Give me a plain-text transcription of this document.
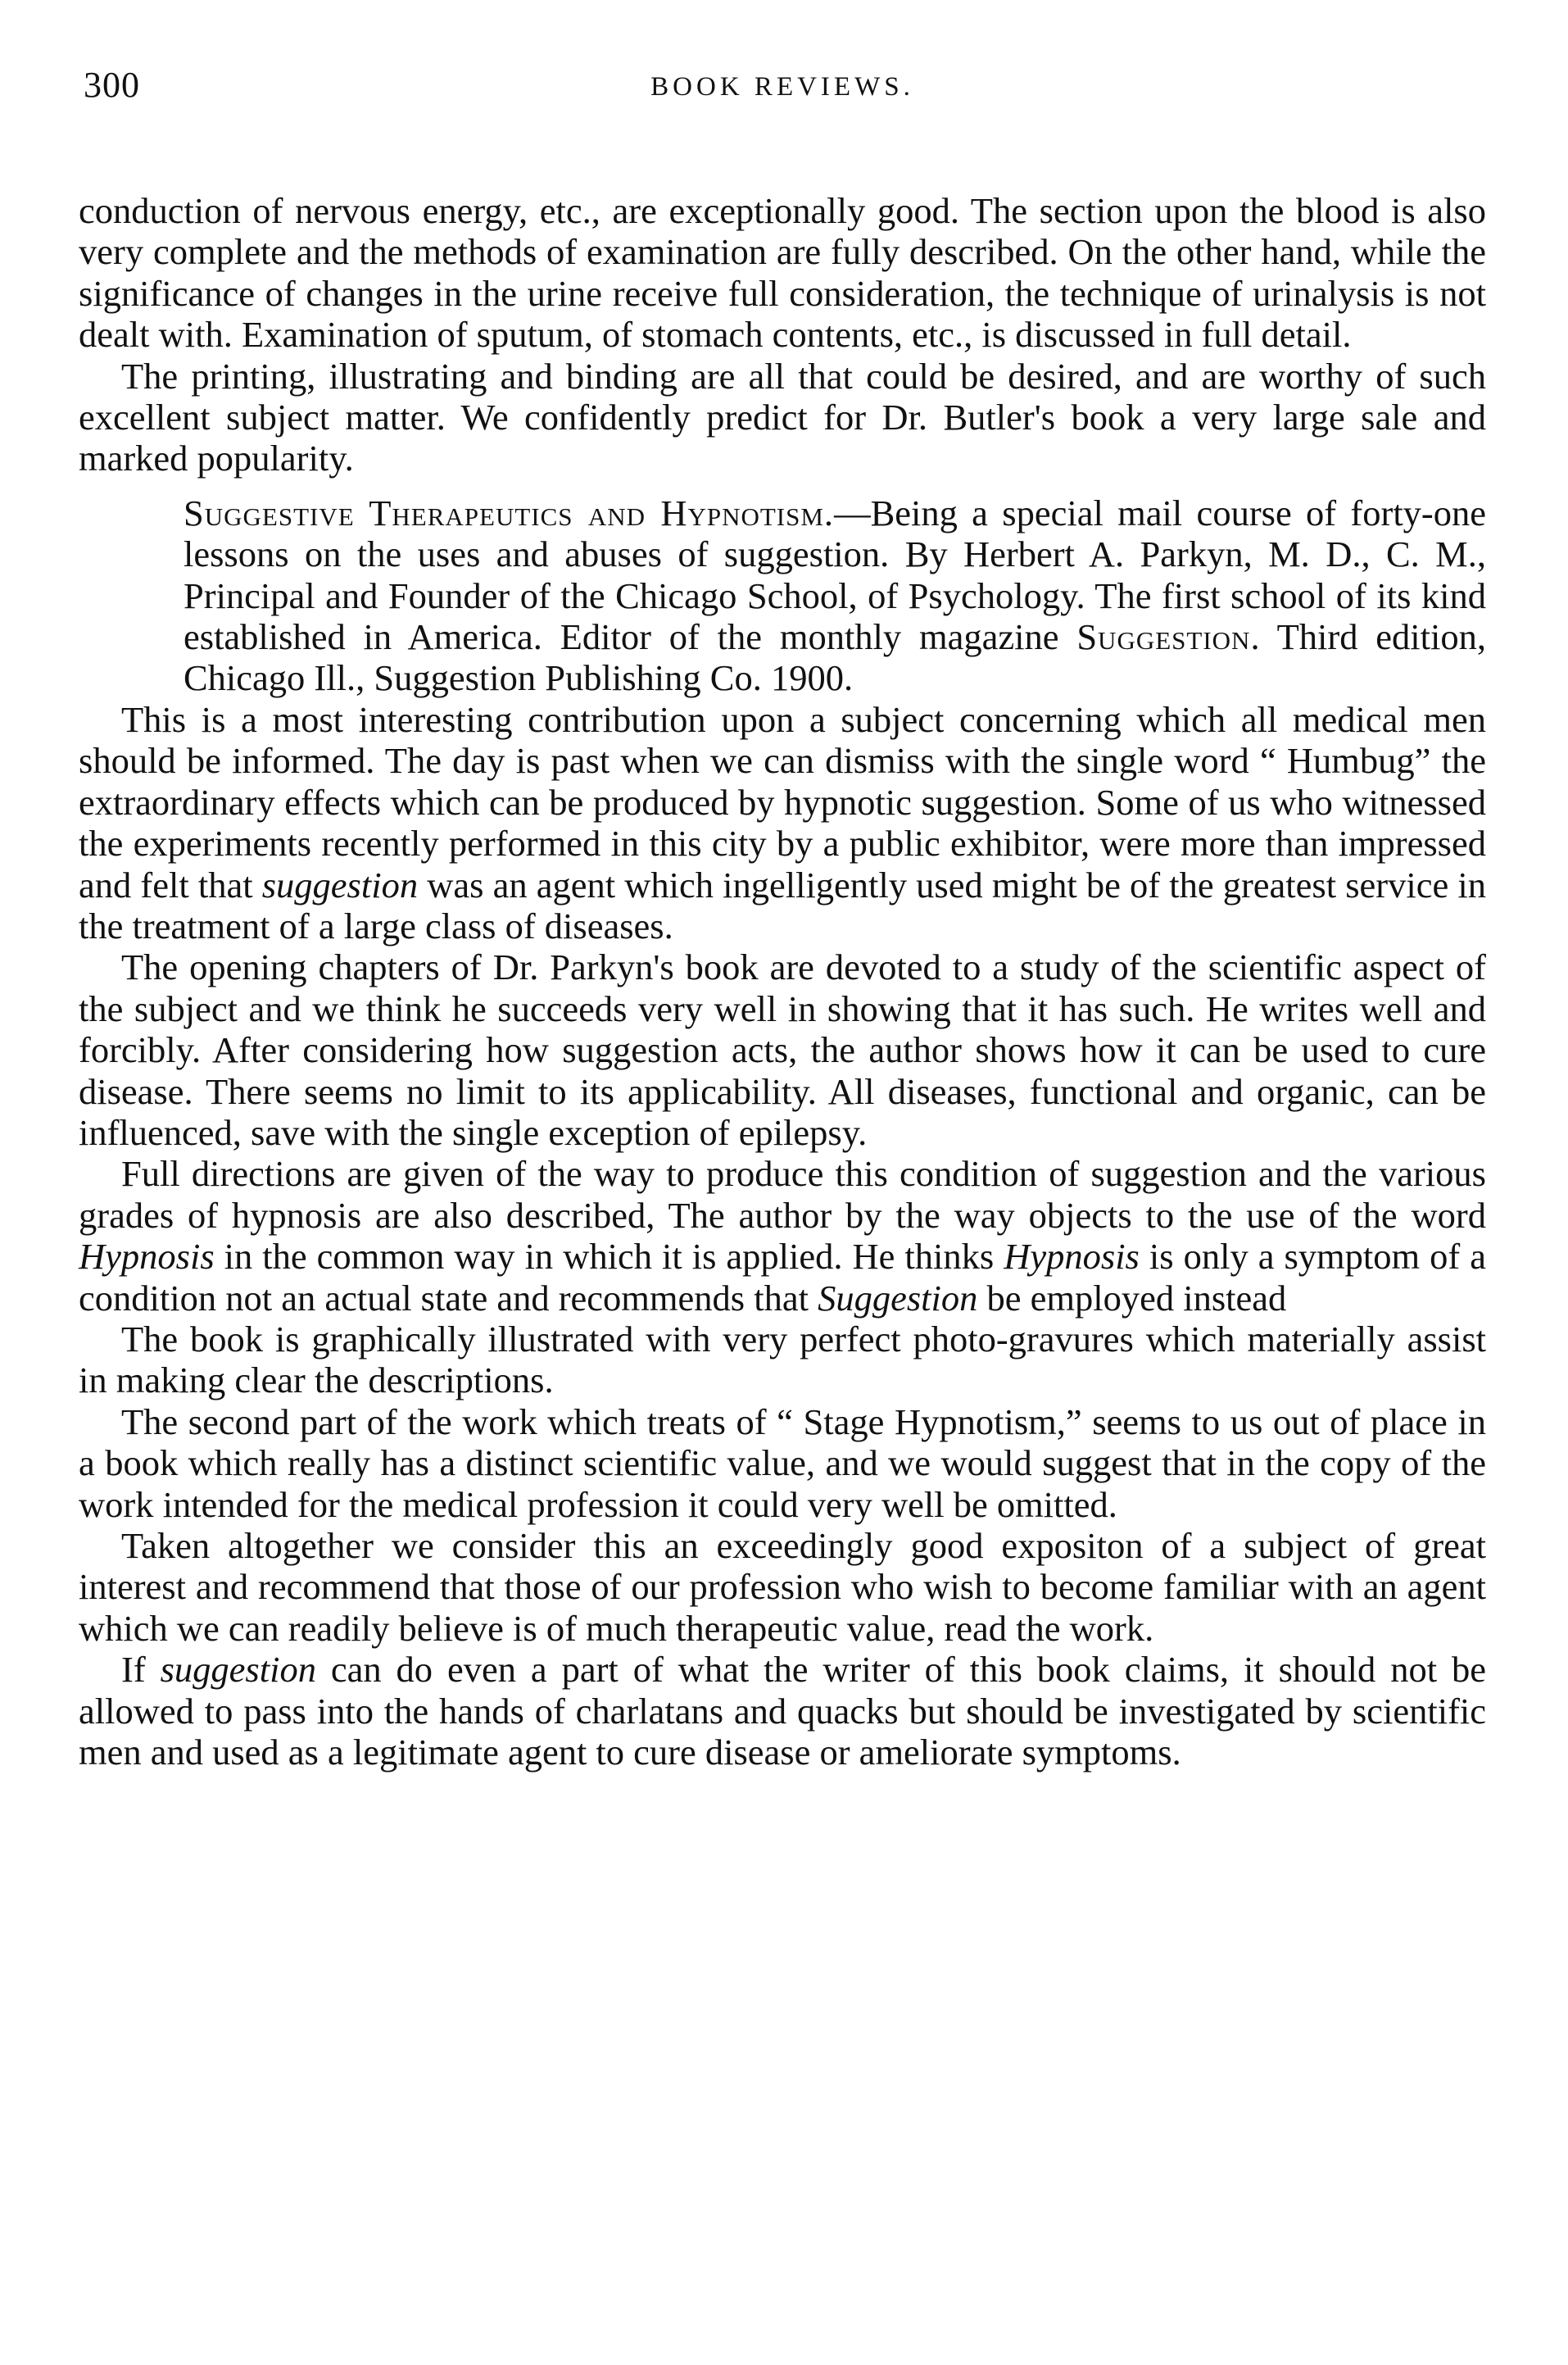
300	BOOK REVIEWS.

conduction of nervous energy, etc., are exceptionally good. The section upon the blood is also very complete and the methods of examination are fully described. On the other hand, while the significance of changes in the urine receive full consideration, the technique of urinalysis is not dealt with. Examination of sputum, of stomach contents, etc., is discussed in full detail.

The printing, illustrating and binding are all that could be desired, and are worthy of such excellent subject matter. We confidently predict for Dr. Butler's book a very large sale and marked popularity.

Suggestive Therapeutics and Hypnotism.—Being a special mail course of forty-one lessons on the uses and abuses of suggestion. By Herbert A. Parkyn, M. D., C. M., Principal and Founder of the Chicago School, of Psychology. The first school of its kind established in America. Editor of the monthly magazine Suggestion. Third edition, Chicago Ill., Suggestion Publishing Co. 1900.

This is a most interesting contribution upon a subject concerning which all medical men should be informed. The day is past when we can dismiss with the single word “ Humbug” the extraordinary effects which can be produced by hypnotic suggestion. Some of us who witnessed the experiments recently performed in this city by a public exhibitor, were more than impressed and felt that suggestion was an agent which ingelligently used might be of the greatest service in the treatment of a large class of diseases.

The opening chapters of Dr. Parkyn's book are devoted to a study of the scientific aspect of the subject and we think he succeeds very well in showing that it has such. He writes well and forcibly. After considering how suggestion acts, the author shows how it can be used to cure disease. There seems no limit to its applicability. All diseases, functional and organic, can be influenced, save with the single exception of epilepsy.

Full directions are given of the way to produce this condition of suggestion and the various grades of hypnosis are also described, The author by the way objects to the use of the word Hypnosis in the common way in which it is applied. He thinks Hypnosis is only a symptom of a condition not an actual state and recommends that Suggestion be employed instead

The book is graphically illustrated with very perfect photo-gravures which materially assist in making clear the descriptions.

The second part of the work which treats of “ Stage Hypnotism,” seems to us out of place in a book which really has a distinct scientific value, and we would suggest that in the copy of the work intended for the medical profession it could very well be omitted.

Taken altogether we consider this an exceedingly good expositon of a subject of great interest and recommend that those of our profession who wish to become familiar with an agent which we can readily believe is of much therapeutic value, read the work.

If suggestion can do even a part of what the writer of this book claims, it should not be allowed to pass into the hands of charlatans and quacks but should be investigated by scientific men and used as a legitimate agent to cure disease or ameliorate symptoms.
